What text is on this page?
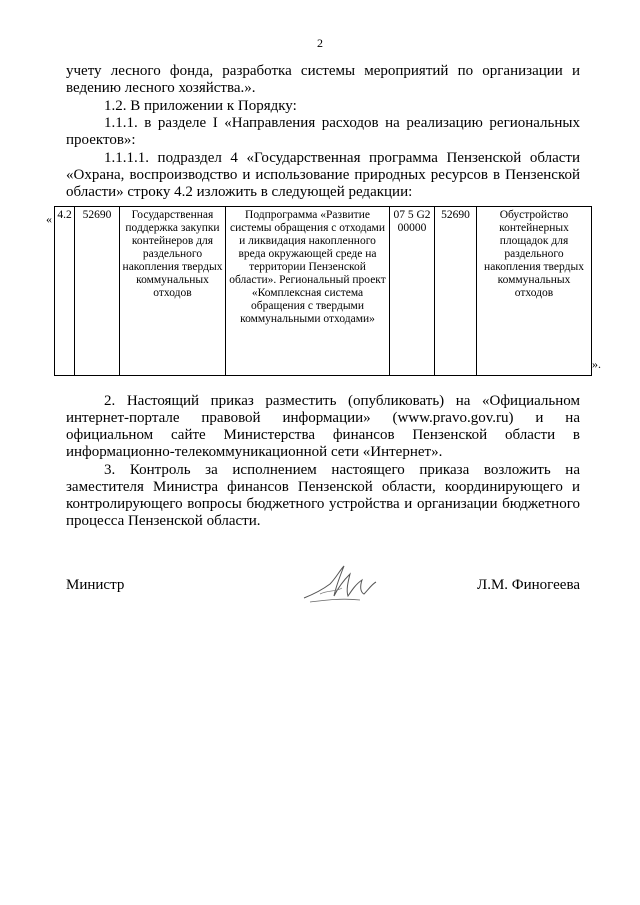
2

учету лесного фонда, разработка системы мероприятий по организации и ведению лесного хозяйства.».

1.2. В приложении к Порядку:

1.1.1. в разделе I «Направления расходов на реализацию региональных проектов»:

1.1.1.1. подраздел 4 «Государственная программа Пензенской области «Охрана, воспроизводство и использование природных ресурсов в Пензенской области» строку 4.2 изложить в следующей редакции:

« 4.2	52690	Государственная поддержка закупки контейнеров для раздельного накопления твердых коммунальных отходов	Подпрограмма «Развитие системы обращения с отходами и ликвидация накопленного вреда окружающей среде на территории Пензенской области». Региональный проект «Комплексная система обращения с твердыми коммунальными отходами»	07 5 G2 00000	52690	Обустройство контейнерных площадок для раздельного накопления твердых коммунальных отходов
».

2. Настоящий приказ разместить (опубликовать) на «Официальном интернет-портале правовой информации» (www.pravo.gov.ru) и на официальном сайте Министерства финансов Пензенской области в информационно-телекоммуникационной сети «Интернет».

3. Контроль за исполнением настоящего приказа возложить на заместителя Министра финансов Пензенской области, координирующего и контролирующего вопросы бюджетного устройства и организации бюджетного процесса Пензенской области.

Министр	Л.М. Финогеева
